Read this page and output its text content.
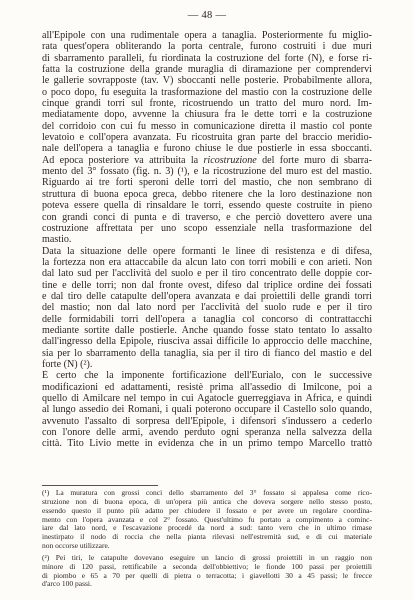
— 48 —
all'Epipole con una rudimentale opera a tanaglia. Posteriormente fu miglio-
rata quest'opera obliterando la porta centrale, furono costruiti i due muri
di sbarramento paralleli, fu riordinata la costruzione del forte (N), e forse ri-
fatta la costruzione della grande muraglia di diramazione per comprendervi
le gallerie sovrapposte (tav. V) sboccanti nelle posterie. Probabilmente allora,
o poco dopo, fu eseguita la trasformazione del mastio con la costruzione delle
cinque grandi torri sul fronte, ricostruendo un tratto del muro nord. Im-
mediatamente dopo, avvenne la chiusura fra le dette torri e la costruzione
del corridoio con cui fu messo in comunicazione diretta il mastio col ponte
levatoio e coll'opera avanzata. Fu ricostruita gran parte del braccio meridio-
nale dell'opera a tanaglia e furono chiuse le due postierle in essa sboccanti.
Ad epoca posteriore va attribuita la ricostruzione del forte muro di sbarra-
mento del 3° fossato (fig. n. 3) (¹), e la ricostruzione del muro est del mastio.
Riguardo ai tre forti speroni delle torri del mastio, che non sembrano di
struttura di buona epoca greca, debbo ritenere che la loro destinazione non
poteva essere quella di rinsaldare le torri, essendo queste costruite in pieno
con grandi conci di punta e di traverso, e che perciò dovettero avere una
costruzione affrettata per uno scopo essenziale nella trasformazione del
mastio.
Data la situazione delle opere formanti le linee di resistenza e di difesa,
la fortezza non era attaccabile da alcun lato con torri mobili e con arieti. Non
dal lato sud per l'acclività del suolo e per il tiro concentrato delle doppie cor-
tine e delle torri; non dal fronte ovest, difeso dal triplice ordine dei fossati
e dal tiro delle catapulte dell'opera avanzata e dai proiettili delle grandi torri
del mastio; non dal lato nord per l'acclività del suolo rude e per il tiro
delle formidabili torri dell'opera a tanaglia col concorso di contrattacchi
mediante sortite dalle postierle. Anche quando fosse stato tentato lo assalto
dall'ingresso della Epipole, riusciva assai difficile lo approccio delle macchine,
sia per lo sbarramento della tanaglia, sia per il tiro di fianco del mastio e del
forte (N) (²).
È certo che la imponente fortificazione dell'Eurialo, con le successive
modificazioni ed adattamenti, resistè prima all'assedio di Imilcone, poi a
quello di Amilcare nel tempo in cui Agatocle guerreggiava in Africa, e quindi
al lungo assedio dei Romani, i quali poterono occupare il Castello solo quando,
avvenuto l'assalto di sorpresa dell'Epipole, i difensori s'indussero a cederlo
con l'onore delle armi, avendo perduto ogni speranza nella salvezza della
città. Tito Livio mette in evidenza che in un primo tempo Marcello trattò
(¹) La muratura con grossi conci dello sbarramento del 3° fossato si appalesa come rico-
struzione non di buona epoca, di un'opera più antica che doveva sorgere nello stesso posto,
essendo questo il punto più adatto per chiudere il fossato e per avere un regolare coordina-
mento con l'opera avanzata e col 2° fossato. Quest'ultimo fu portato a compimento a cominc-
iare dal lato nord, e l'escavazione procedé da nord a sud: tanto vero che in ultimo rimase
inestirpato il nodo di roccia che nella pianta rilevasi nell'estremità sud, e di cui materiale
non occorse utilizzare.
(²) Pei tiri, le catapulte dovevano eseguire un lancio di grossi proiettili in un raggio non
minore di 120 passi, rettificabile a seconda dell'obbiettivo; le fionde 100 passi per proiettili
di piombo e 65 a 70 per quelli di pietra o terracotta; i giavellotti 30 a 45 passi; le frecce
d'arco 100 passi.
